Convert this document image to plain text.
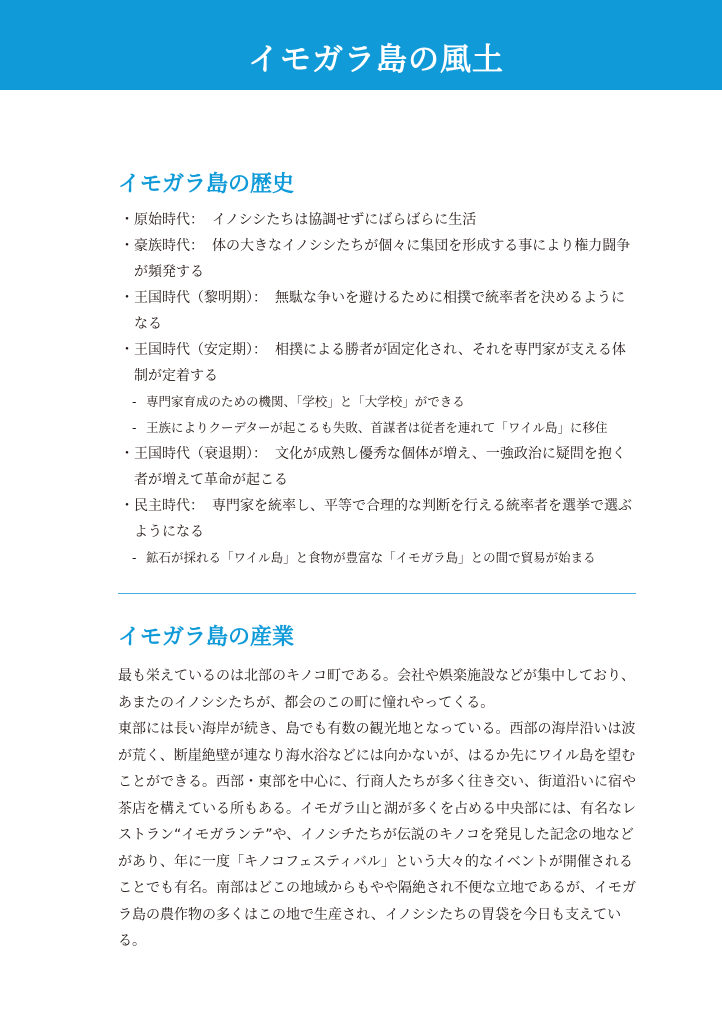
イモガラ島の風土
イモガラ島の歴史
・ 原始時代： イノシシたちは協調せずにばらばらに生活
・ 豪族時代： 体の大きなイノシシたちが個々に集団を形成する事により権力闘争が頻発する
・ 王国時代（黎明期）： 無駄な争いを避けるために相撲で統率者を決めるようになる
・ 王国時代（安定期）： 相撲による勝者が固定化され、それを専門家が支える体制が定着する
- 専門家育成のための機関、「学校」と「大学校」ができる
- 王族によりクーデターが起こるも失敗、首謀者は従者を連れて「ワイル島」に移住
・ 王国時代（衰退期）： 文化が成熟し優秀な個体が増え、一強政治に疑問を抱く者が増えて革命が起こる
・ 民主時代： 専門家を統率し、平等で合理的な判断を行える統率者を選挙で選ぶようになる
- 鉱石が採れる「ワイル島」と食物が豊富な「イモガラ島」との間で貿易が始まる
イモガラ島の産業

最も栄えているのは北部のキノコ町である。会社や娯楽施設などが集中しており、あまたのイノシシたちが、都会のこの町に憧れやってくる。

東部には長い海岸が続き、島でも有数の観光地となっている。西部の海岸沿いは波が荒く、断崖絶壁が連なり海水浴などには向かないが、はるか先にワイル島を望むことができる。西部・東部を中心に、行商人たちが多く往き交い、街道沿いに宿や茶店を構えている所もある。イモガラ山と湖が多くを占める中央部には、有名なレストラン“イモガランテ”や、イノシチたちが伝説のキノコを発見した記念の地などがあり、年に一度「キノコフェスティバル」という大々的なイベントが開催されることでも有名。南部はどこの地域からもやや隔絶され不便な立地であるが、イモガラ島の農作物の多くはこの地で生産され、イノシシたちの胃袋を今日も支えている。
